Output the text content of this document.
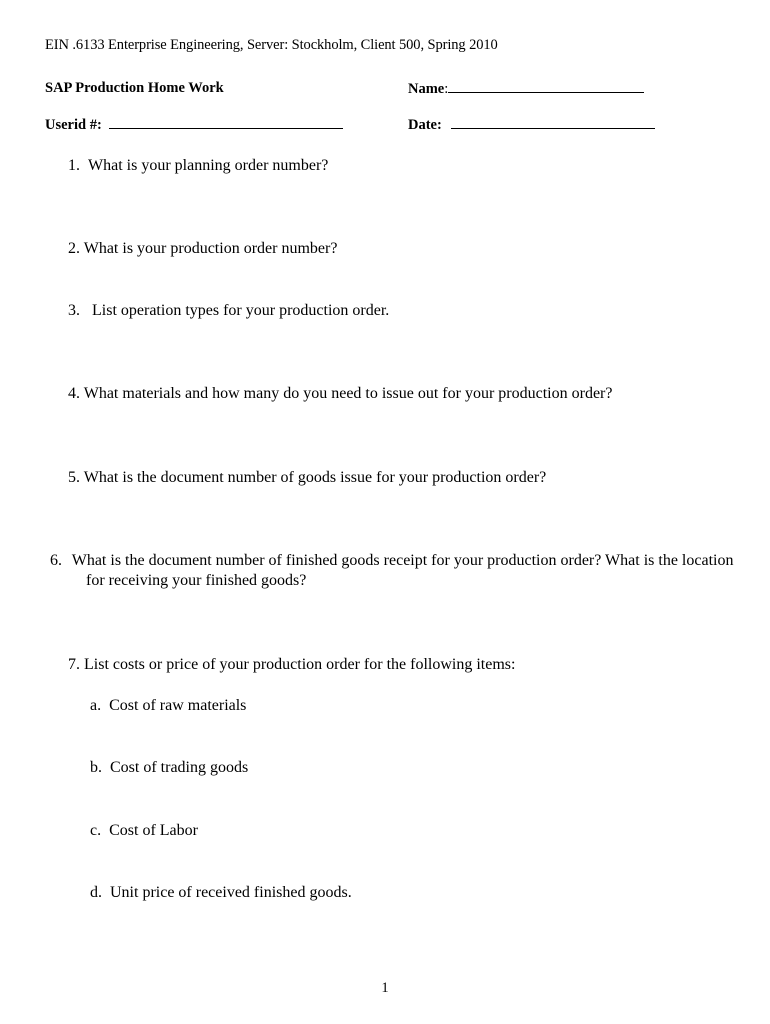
EIN .6133 Enterprise Engineering, Server: Stockholm, Client 500, Spring 2010
SAP Production Home Work	Name:
Userid #:	Date:
1. What is your planning order number?
2. What is your production order number?
3. List operation types for your production order.
4. What materials and how many do you need to issue out for your production order?
5. What is the document number of goods issue for your production order?
6. What is the document number of finished goods receipt for your production order? What is the location for receiving your finished goods?
7. List costs or price of your production order for the following items:
a. Cost of raw materials
b. Cost of trading goods
c. Cost of Labor
d. Unit price of received finished goods.
1
